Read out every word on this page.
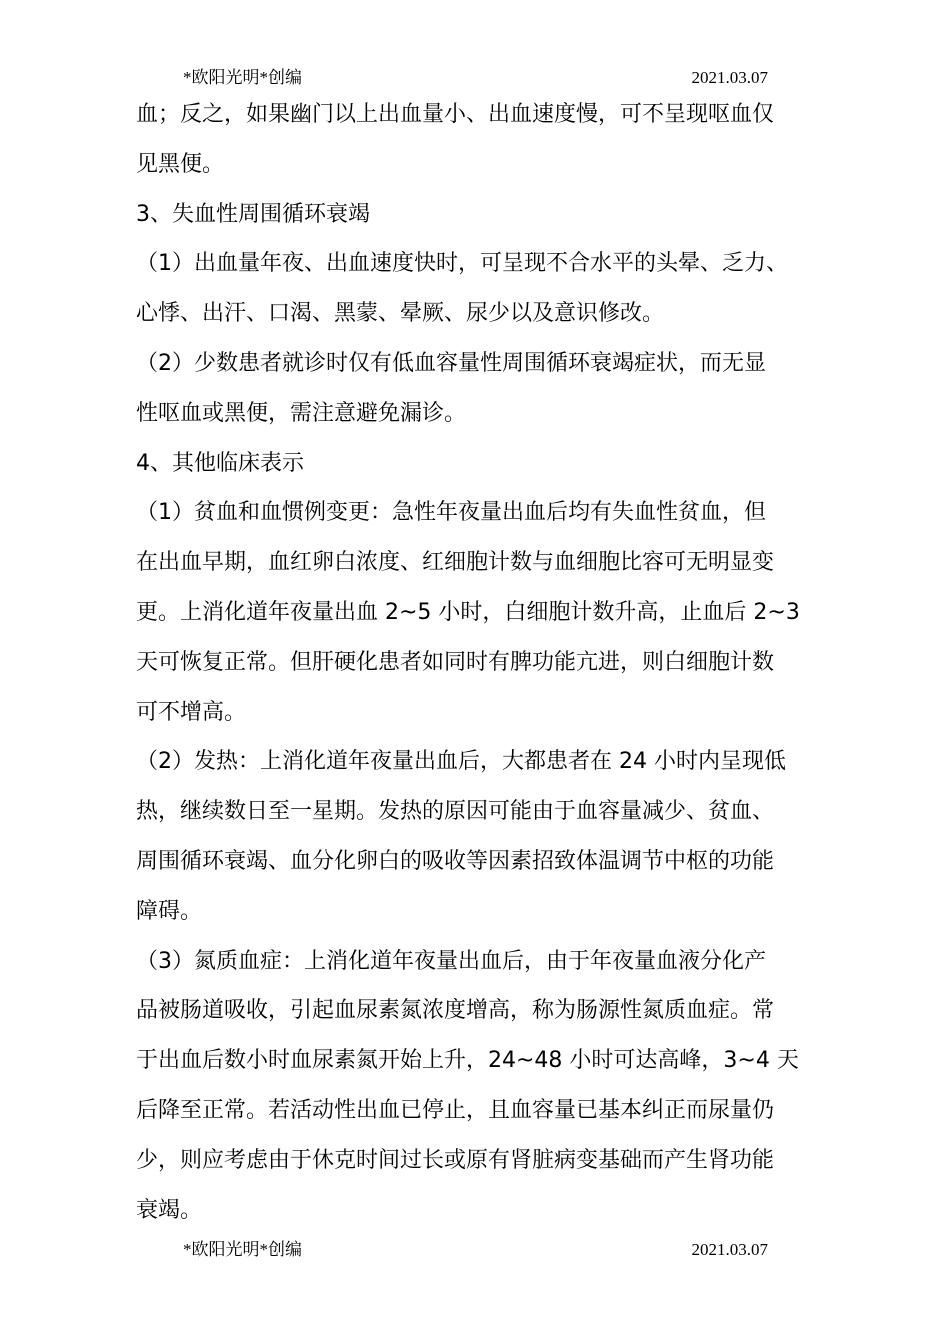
*欧阳光明*创编	2021.03.07

血；反之，如果幽门以上出血量小、出血速度慢，可不呈现呕血仅

见黑便。

3、失血性周围循环衰竭

（1）出血量年夜、出血速度快时，可呈现不合水平的头晕、乏力、

心悸、出汗、口渴、黑蒙、晕厥、尿少以及意识修改。

（2）少数患者就诊时仅有低血容量性周围循环衰竭症状，而无显

性呕血或黑便，需注意避免漏诊。

4、其他临床表示

（1）贫血和血惯例变更：急性年夜量出血后均有失血性贫血，但

在出血早期，血红卵白浓度、红细胞计数与血细胞比容可无明显变

更。上消化道年夜量出血 2~5 小时，白细胞计数升高，止血后 2~3

天可恢复正常。但肝硬化患者如同时有脾功能亢进，则白细胞计数

可不增高。

（2）发热：上消化道年夜量出血后，大都患者在 24 小时内呈现低

热，继续数日至一星期。发热的原因可能由于血容量减少、贫血、

周围循环衰竭、血分化卵白的吸收等因素招致体温调节中枢的功能

障碍。

（3）氮质血症：上消化道年夜量出血后，由于年夜量血液分化产

品被肠道吸收，引起血尿素氮浓度增高，称为肠源性氮质血症。常

于出血后数小时血尿素氮开始上升，24~48 小时可达高峰，3~4 天

后降至正常。若活动性出血已停止，且血容量已基本纠正而尿量仍

少，则应考虑由于休克时间过长或原有肾脏病变基础而产生肾功能

衰竭。

*欧阳光明*创编	2021.03.07
